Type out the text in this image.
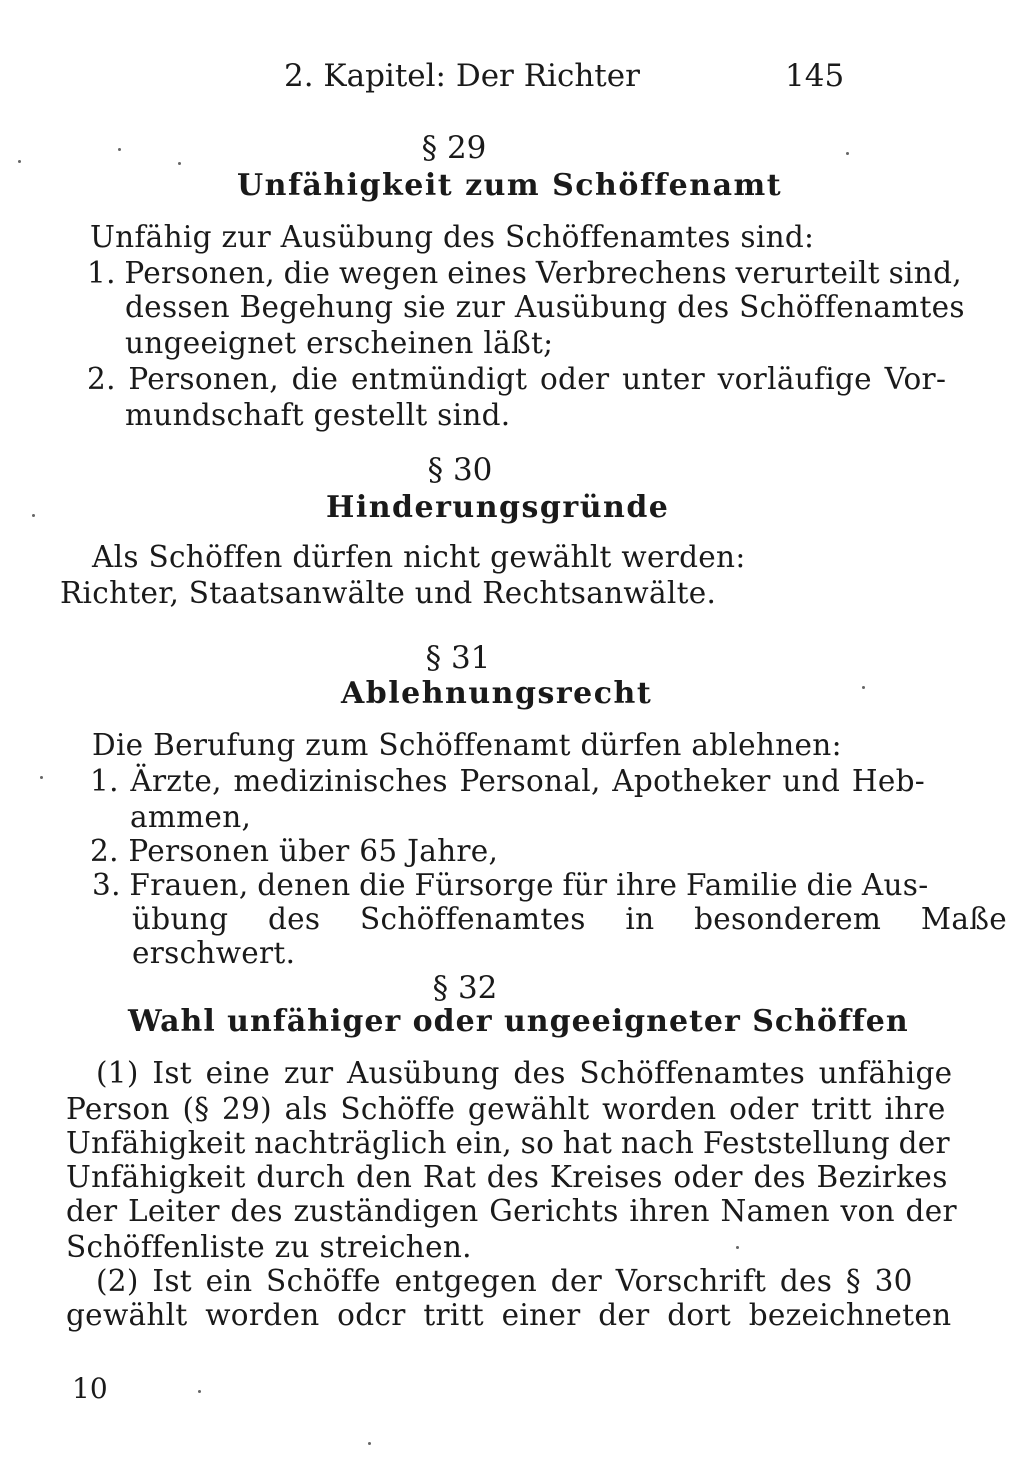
2. Kapitel: Der Richter	145
§ 29
Unfähigkeit zum Schöffenamt
Unfähig zur Ausübung des Schöffenamtes sind:
1. Personen, die wegen eines Verbrechens verurteilt sind,
dessen Begehung sie zur Ausübung des Schöffenamtes
ungeeignet erscheinen läßt;
2. Personen, die entmündigt oder unter vorläufige Vor-
mundschaft gestellt sind.
§ 30
Hinderungsgründe
Als Schöffen dürfen nicht gewählt werden:
Richter, Staatsanwälte und Rechtsanwälte.
§ 31
Ablehnungsrecht
Die Berufung zum Schöffenamt dürfen ablehnen:
1. Ärzte, medizinisches Personal, Apotheker und Heb-
ammen,
2. Personen über 65 Jahre,
3. Frauen, denen die Fürsorge für ihre Familie die Aus-
übung des Schöffenamtes in besonderem Maße
erschwert.
§ 32
Wahl unfähiger oder ungeeigneter Schöffen
(1) Ist eine zur Ausübung des Schöffenamtes unfähige
Person (§ 29) als Schöffe gewählt worden oder tritt ihre
Unfähigkeit nachträglich ein, so hat nach Feststellung der
Unfähigkeit durch den Rat des Kreises oder des Bezirkes
der Leiter des zuständigen Gerichts ihren Namen von der
Schöffenliste zu streichen.
(2) Ist ein Schöffe entgegen der Vorschrift des § 30
gewählt worden odcr tritt einer der dort bezeichneten
10
